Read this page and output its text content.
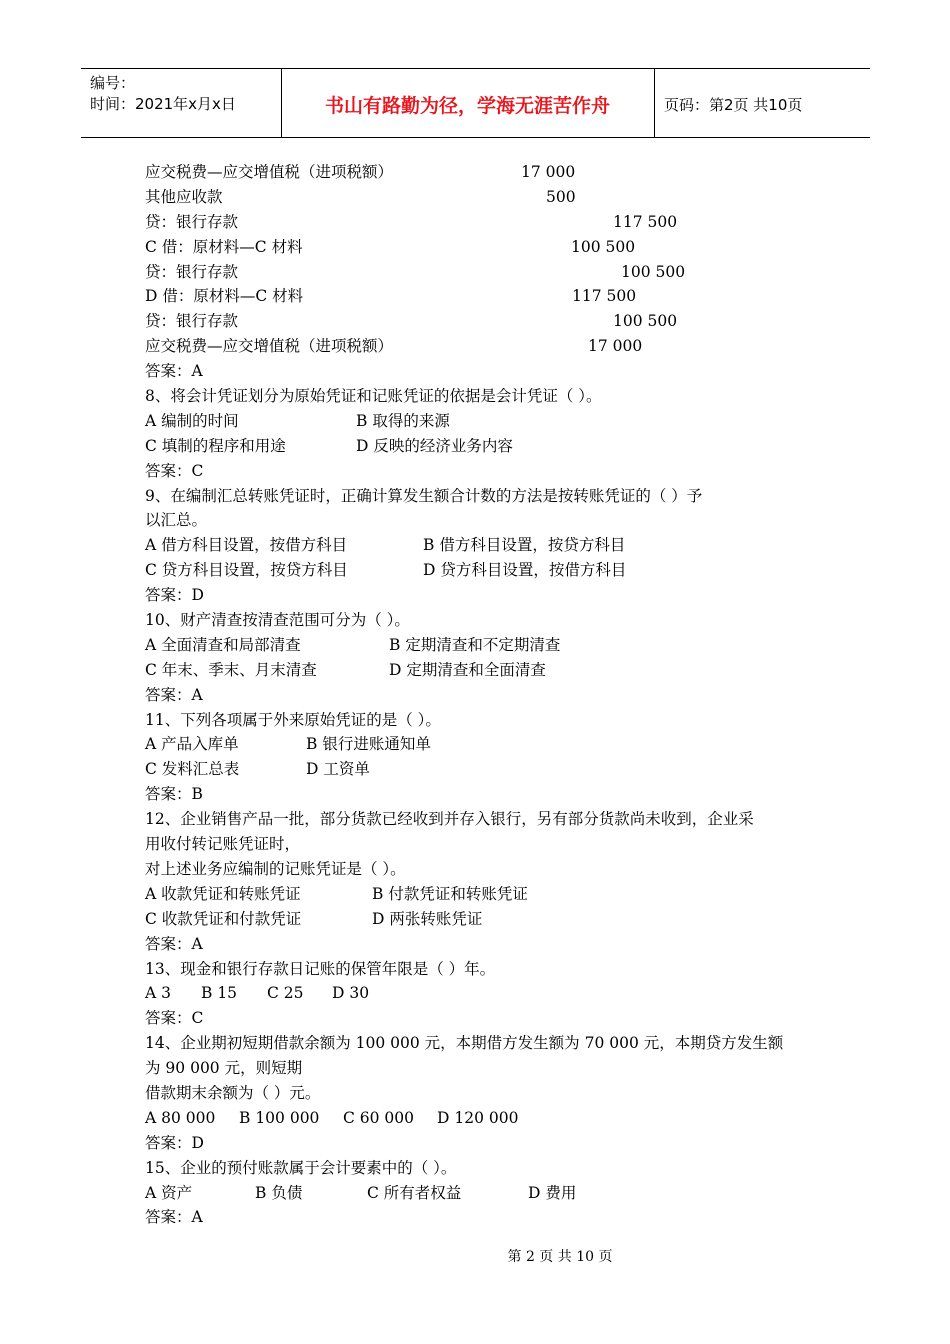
编号：
时间：2021年x月x日	书山有路勤为径，学海无涯苦作舟	页码：第2页 共10页
应交税费—应交增值税（进项税额）	17 000
其他应收款	500
贷：银行存款	117 500
C 借：原材料—C 材料	100 500
贷：银行存款	100 500
D 借：原材料—C 材料	117 500
贷：银行存款	100 500
应交税费—应交增值税（进项税额）	17 000
答案：A
8、将会计凭证划分为原始凭证和记账凭证的依据是会计凭证（ ）。
A 编制的时间	B 取得的来源
C 填制的程序和用途	D 反映的经济业务内容
答案：C
9、在编制汇总转账凭证时，正确计算发生额合计数的方法是按转账凭证的（ ）予
以汇总。
A 借方科目设置，按借方科目	B 借方科目设置，按贷方科目
C 贷方科目设置，按贷方科目	D 贷方科目设置，按借方科目
答案：D
10、财产清查按清查范围可分为（ ）。
A 全面清查和局部清查	B 定期清查和不定期清查
C 年末、季末、月末清查	D 定期清查和全面清查
答案：A
11、下列各项属于外来原始凭证的是（ ）。
A 产品入库单	B 银行进账通知单
C 发料汇总表	D 工资单
答案：B
12、企业销售产品一批，部分货款已经收到并存入银行，另有部分货款尚未收到，企业采
用收付转记账凭证时，
对上述业务应编制的记账凭证是（ ）。
A 收款凭证和转账凭证	B 付款凭证和转账凭证
C 收款凭证和付款凭证	D 两张转账凭证
答案：A
13、现金和银行存款日记账的保管年限是（ ）年。
A 3 B 15 C 25 D 30
答案：C
14、企业期初短期借款余额为 100 000 元，本期借方发生额为 70 000 元，本期贷方发生额
为 90 000 元，则短期
借款期末余额为（ ）元。
A 80 000 B 100 000 C 60 000 D 120 000
答案：D
15、企业的预付账款属于会计要素中的（ ）。
A 资产	B 负债	C 所有者权益	D 费用
答案：A
第 2 页 共 10 页
